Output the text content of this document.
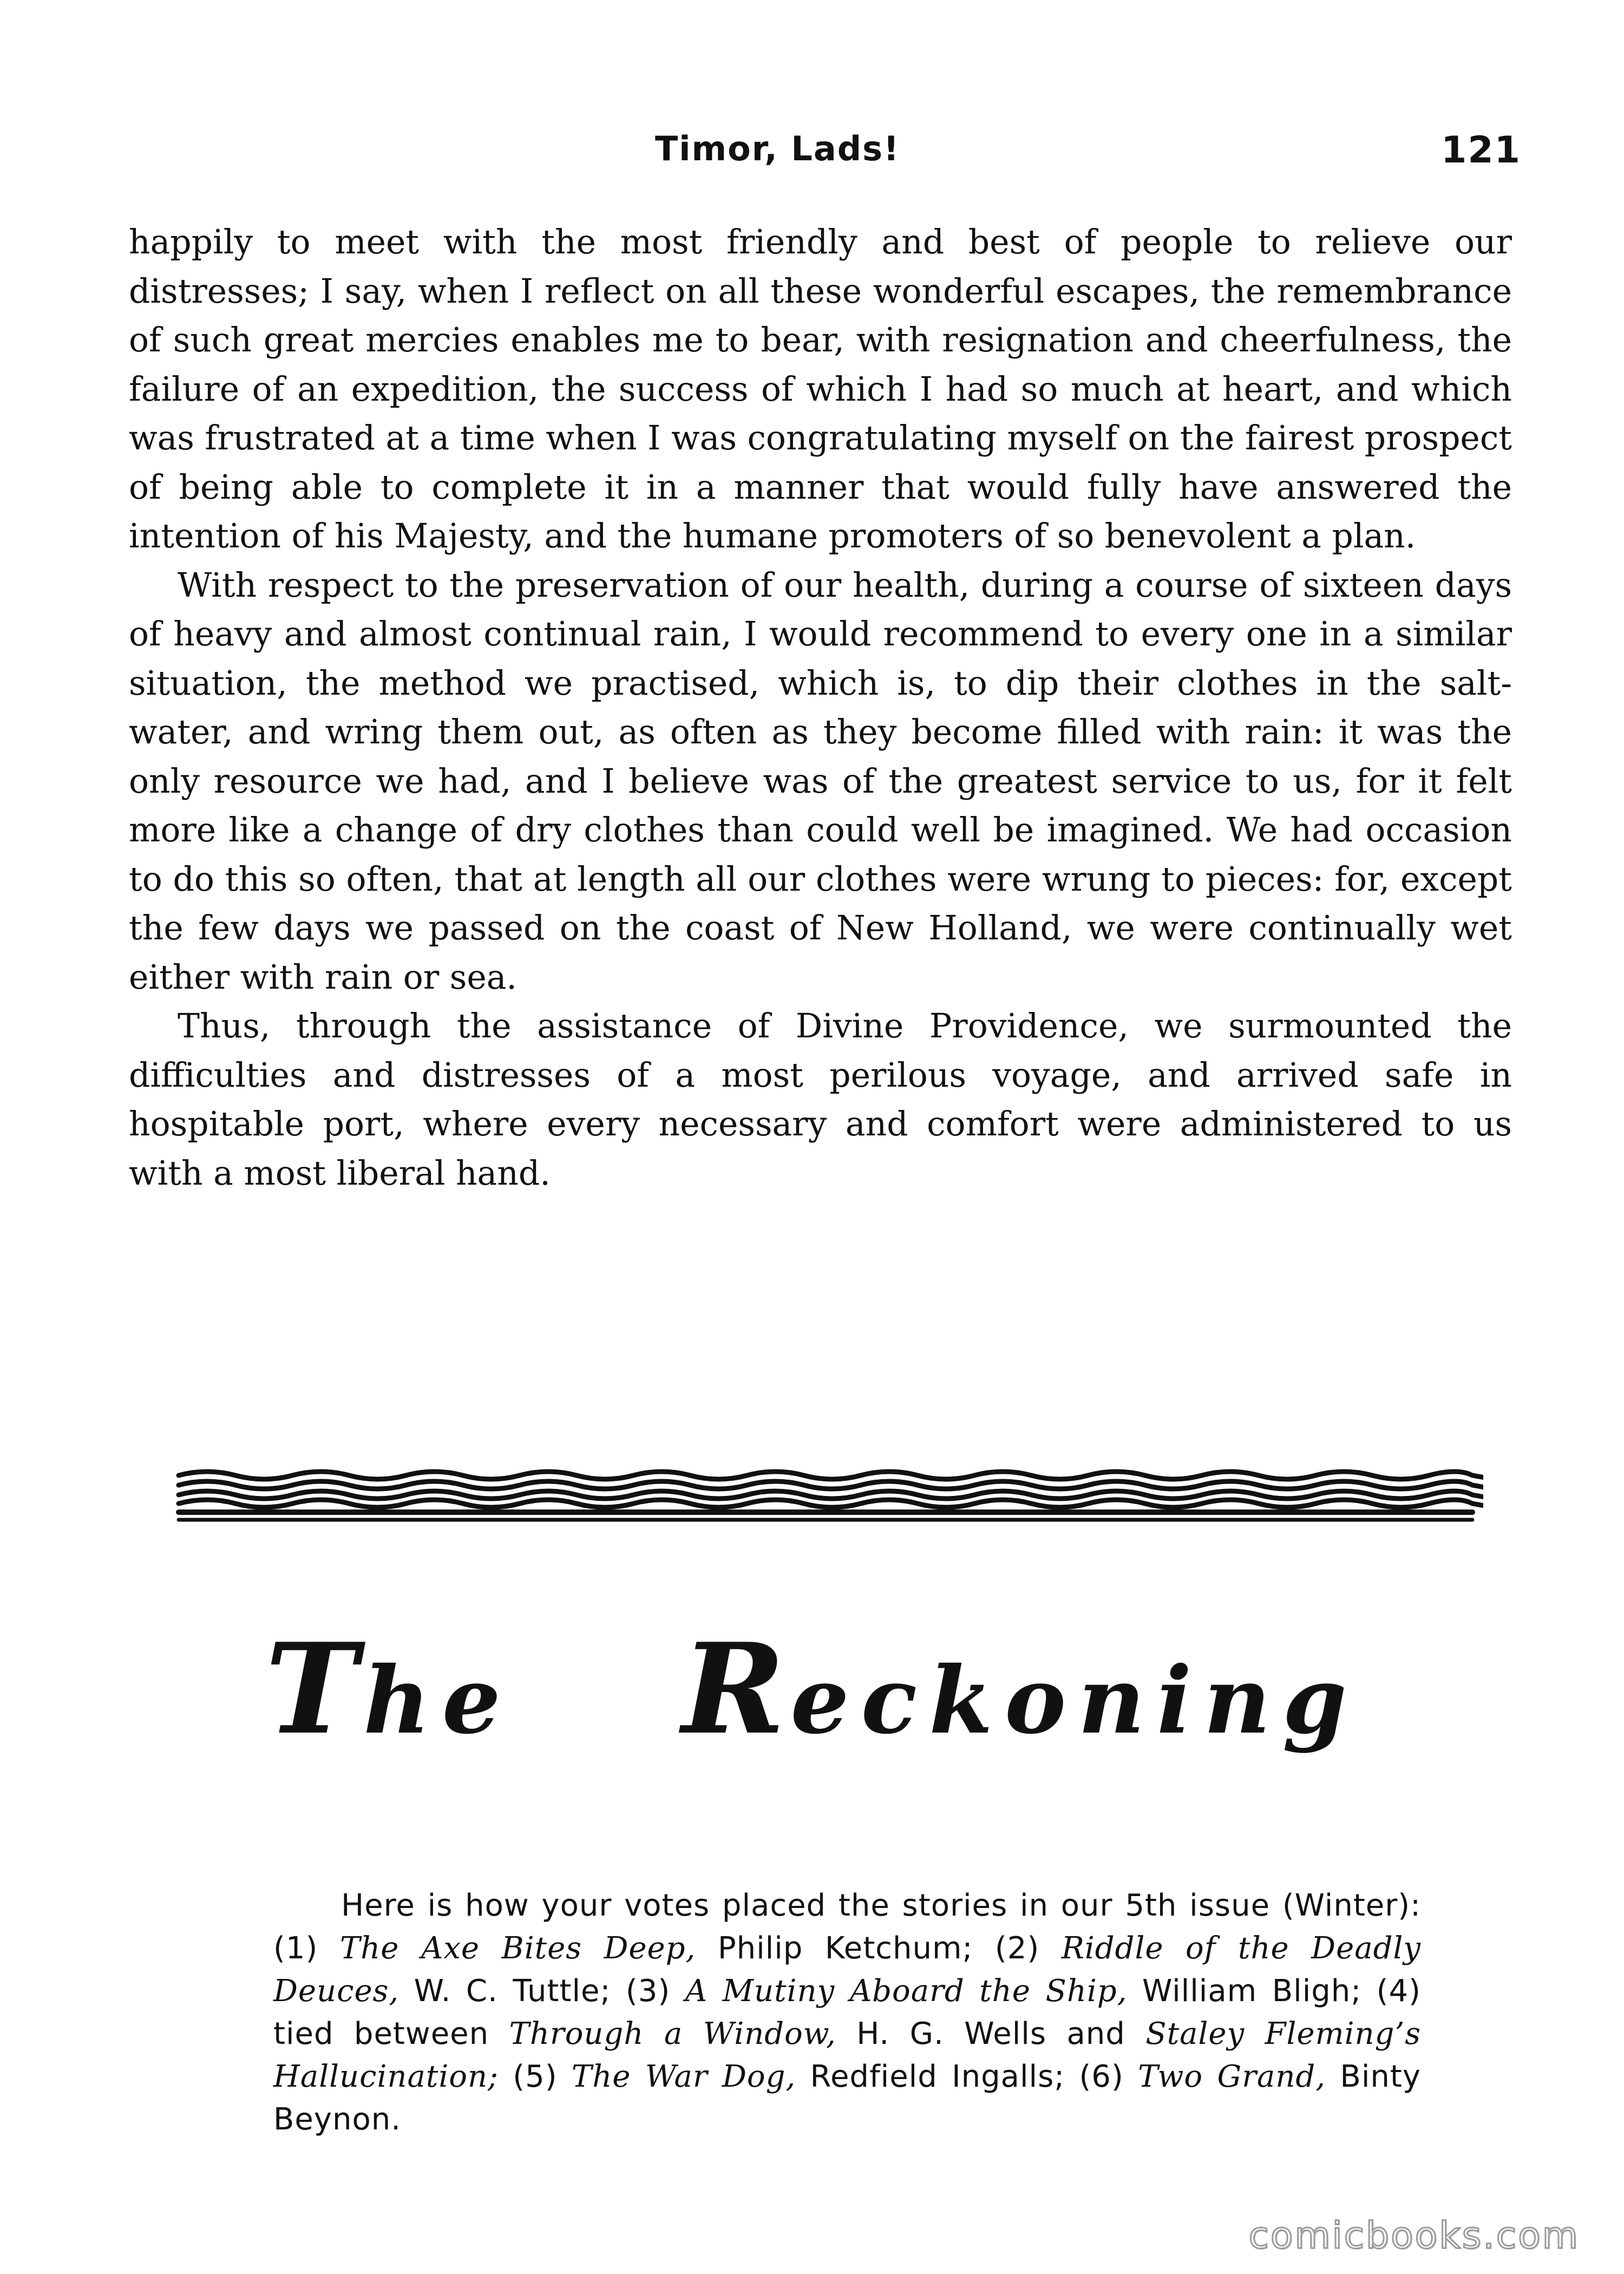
Timor, Lads!	121

happily to meet with the most friendly and best of people to relieve our distresses; I say, when I reflect on all these wonderful escapes, the remembrance of such great mercies enables me to bear, with resignation and cheerfulness, the failure of an expedition, the success of which I had so much at heart, and which was frustrated at a time when I was congratulating myself on the fairest prospect of being able to complete it in a manner that would fully have answered the intention of his Majesty, and the humane promoters of so benevolent a plan.

With respect to the preservation of our health, during a course of sixteen days of heavy and almost continual rain, I would recommend to every one in a similar situation, the method we practised, which is, to dip their clothes in the salt-water, and wring them out, as often as they become filled with rain: it was the only resource we had, and I believe was of the greatest service to us, for it felt more like a change of dry clothes than could well be imagined. We had occasion to do this so often, that at length all our clothes were wrung to pieces: for, except the few days we passed on the coast of New Holland, we were continually wet either with rain or sea.

Thus, through the assistance of Divine Providence, we surmounted the difficulties and distresses of a most perilous voyage, and arrived safe in hospitable port, where every necessary and comfort were administered to us with a most liberal hand.

The Reckoning
Here is how your votes placed the stories in our 5th issue (Winter): (1) The Axe Bites Deep, Philip Ketchum; (2) Riddle of the Deadly Deuces, W. C. Tuttle; (3) A Mutiny Aboard the Ship, William Bligh; (4) tied between Through a Window, H. G. Wells and Staley Fleming’s Hallucination; (5) The War Dog, Redfield Ingalls; (6) Two Grand, Binty Beynon.
comicbooks.com
